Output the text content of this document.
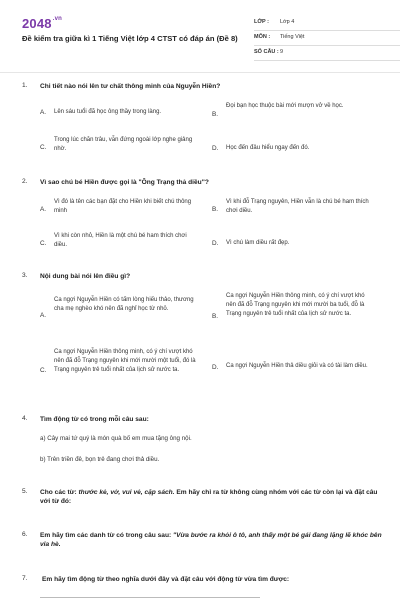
$2048^{.vn}$
Đề kiểm tra giữa kì 1 Tiếng Việt lớp 4 CTST có đáp án (Đề 8)
LỚP : Lớp 4
MÔN : Tiếng Việt
SỐ CÂU : 9
1. Chi tiết nào nói lên tư chất thông minh của Nguyễn Hiền?
A. Lên sáu tuổi đã học ông thầy trong làng.	B.
Đọi bạn học thuộc bài mới mượn vở về học.
C.
Trong lúc chăn trâu, vẫn đứng ngoài lớp nghe giảng nhờ.	D. Học đến đâu hiểu ngay đến đó.
2. Vì sao chú bé Hiền được gọi là "Ông Trạng thả diều"?
A.
Vì đó là tên các bạn đặt cho Hiền khi biết chú thông minh	B.
Vì khi đỗ Trạng nguyên, Hiền vẫn là chú bé ham thích chơi diều.
C.
Vì khi còn nhỏ, Hiền là một chú bé ham thích chơi diều.	D. Vì chú làm diều rất đẹp.
3. Nội dung bài nói lên điều gì?
A.
Ca ngợi Nguyễn Hiền có tấm lòng hiếu thảo, thương cha mẹ nghèo khó nên đã nghỉ học từ nhỏ.
B.
Ca ngợi Nguyễn Hiền thông minh, có ý chí vượt khó nên đã đỗ Trạng nguyên khi mới mười ba tuổi, đỗ là Trạng nguyên trẻ tuổi nhất của lịch sử nước ta.
C.
Ca ngợi Nguyễn Hiền thông minh, có ý chí vượt khó nên đã đỗ Trạng nguyên khi mới mười một tuổi, đó là Trạng nguyên trẻ tuổi nhất của lịch sử nước ta.	D. Ca ngợi Nguyễn Hiền thả diều giỏi và có tài làm diều.
4. Tìm động từ có trong mỗi câu sau:
a) Cây mai tứ quý là món quà bố em mua tặng ông nội.
b) Trên triền đê, bọn trẻ đang chơi thả diều.
5. Cho các từ: thước kẻ, vở, vui vẻ, cặp sách. Em hãy chỉ ra từ không cùng nhóm với các từ còn lại và đặt câu với từ đó:
6. Em hãy tìm các danh từ có trong câu sau: "Vừa bước ra khỏi ô tô, anh thấy một bé gái đang lặng lẽ khóc bên vỉa hè.
7. Em hãy tìm động từ theo nghĩa dưới đây và đặt câu với động từ vừa tìm được:
